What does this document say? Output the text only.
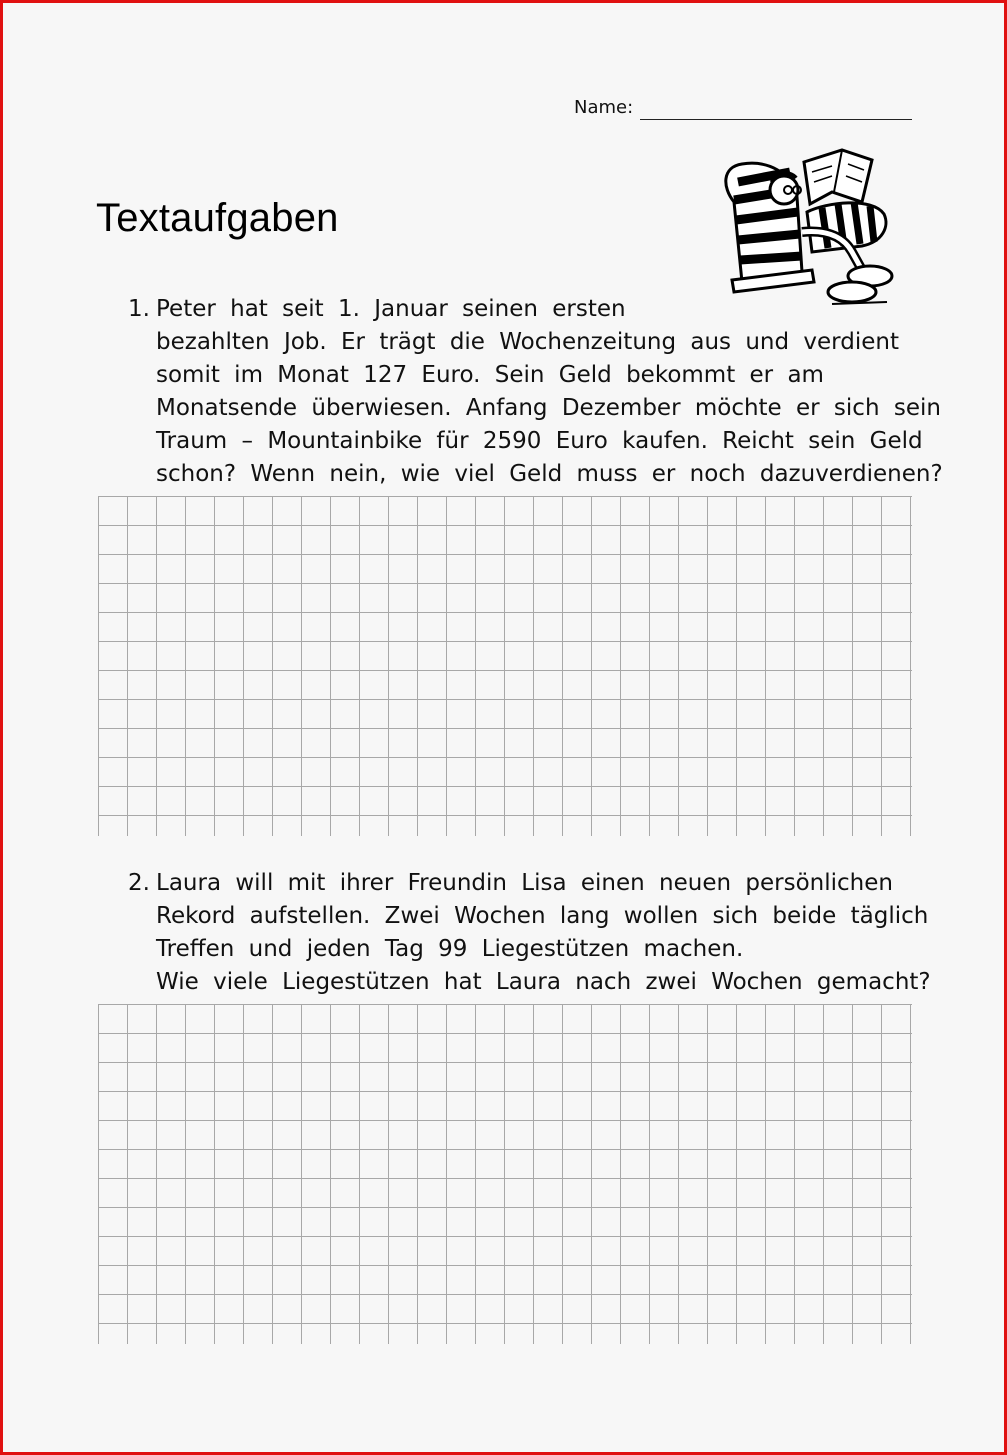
Name:
Textaufgaben
1. Peter hat seit 1. Januar seinen ersten
bezahlten Job. Er trägt die Wochenzeitung aus und verdient
somit im Monat 127 Euro. Sein Geld bekommt er am
Monatsende überwiesen. Anfang Dezember möchte er sich sein
Traum – Mountainbike für 2590 Euro kaufen. Reicht sein Geld
schon? Wenn nein, wie viel Geld muss er noch dazuverdienen?
2. Laura will mit ihrer Freundin Lisa einen neuen persönlichen
Rekord aufstellen. Zwei Wochen lang wollen sich beide täglich
Treffen und jeden Tag 99 Liegestützen machen.
Wie viele Liegestützen hat Laura nach zwei Wochen gemacht?
